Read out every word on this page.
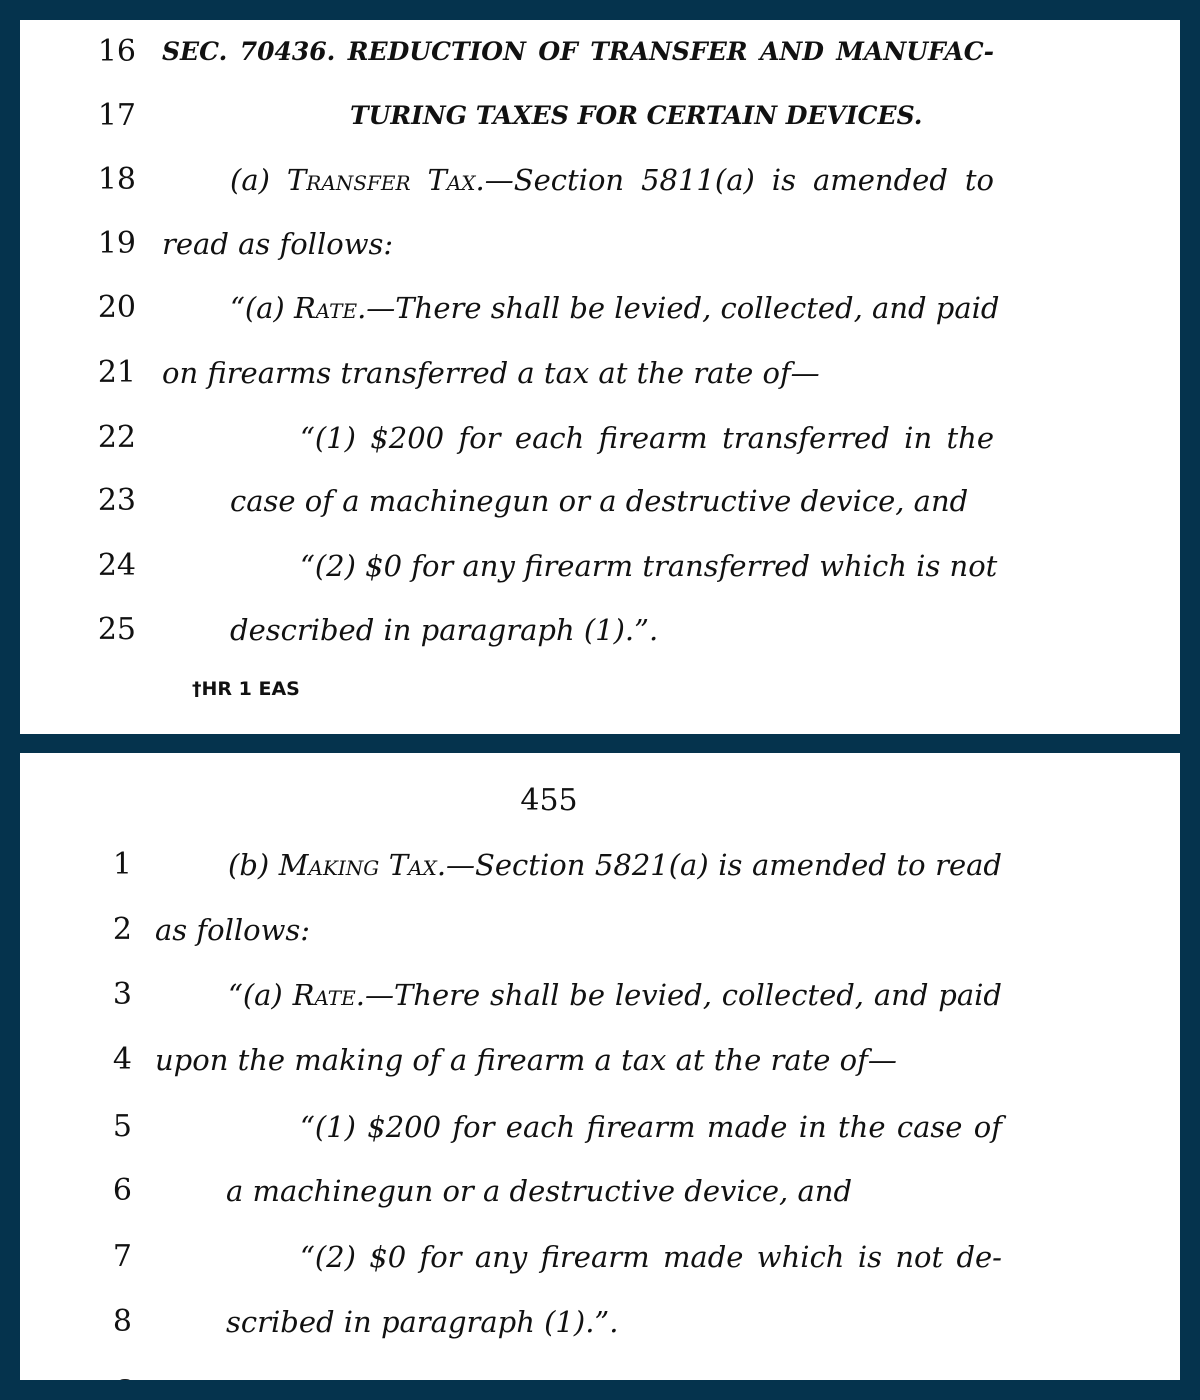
16 SEC. 70436. REDUCTION OF TRANSFER AND MANUFAC-
17	TURING TAXES FOR CERTAIN DEVICES.
18	(a) Transfer Tax.—Section 5811(a) is amended to
19 read as follows:
20	“(a) Rate.—There shall be levied, collected, and paid
21 on firearms transferred a tax at the rate of—
22	“(1) $200 for each firearm transferred in the
23	case of a machinegun or a destructive device, and
24	“(2) $0 for any firearm transferred which is not
25	described in paragraph (1).”.
†HR 1 EAS
455
1	(b) Making Tax.—Section 5821(a) is amended to read
2 as follows:
3	“(a) Rate.—There shall be levied, collected, and paid
4 upon the making of a firearm a tax at the rate of—
5	“(1) $200 for each firearm made in the case of
6	a machinegun or a destructive device, and
7	“(2) $0 for any firearm made which is not de-
8	scribed in paragraph (1).”.
